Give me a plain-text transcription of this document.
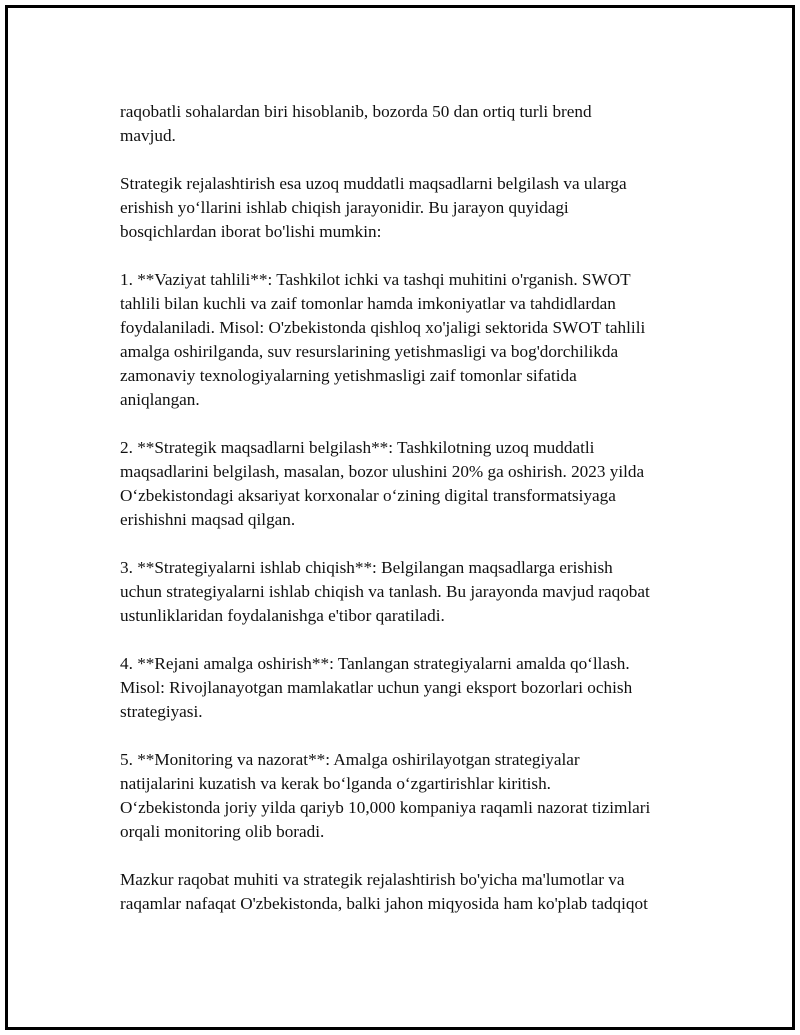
raqobatli sohalardan biri hisoblanib, bozorda 50 dan ortiq turli brend
mavjud.

Strategik rejalashtirish esa uzoq muddatli maqsadlarni belgilash va ularga
erishish yo‘llarini ishlab chiqish jarayonidir. Bu jarayon quyidagi
bosqichlardan iborat bo'lishi mumkin:

1. **Vaziyat tahlili**: Tashkilot ichki va tashqi muhitini o'rganish. SWOT
tahlili bilan kuchli va zaif tomonlar hamda imkoniyatlar va tahdidlardan
foydalaniladi. Misol: O'zbekistonda qishloq xo'jaligi sektorida SWOT tahlili
amalga oshirilganda, suv resurslarining yetishmasligi va bog'dorchilikda
zamonaviy texnologiyalarning yetishmasligi zaif tomonlar sifatida
aniqlangan.

2. **Strategik maqsadlarni belgilash**: Tashkilotning uzoq muddatli
maqsadlarini belgilash, masalan, bozor ulushini 20% ga oshirish. 2023 yilda
O‘zbekistondagi aksariyat korxonalar o‘zining digital transformatsiyaga
erishishni maqsad qilgan.

3. **Strategiyalarni ishlab chiqish**: Belgilangan maqsadlarga erishish
uchun strategiyalarni ishlab chiqish va tanlash. Bu jarayonda mavjud raqobat
ustunliklaridan foydalanishga e'tibor qaratiladi.

4. **Rejani amalga oshirish**: Tanlangan strategiyalarni amalda qo‘llash.
Misol: Rivojlanayotgan mamlakatlar uchun yangi eksport bozorlari ochish
strategiyasi.

5. **Monitoring va nazorat**: Amalga oshirilayotgan strategiyalar
natijalarini kuzatish va kerak bo‘lganda o‘zgartirishlar kiritish.
O‘zbekistonda joriy yilda qariyb 10,000 kompaniya raqamli nazorat tizimlari
orqali monitoring olib boradi.

Mazkur raqobat muhiti va strategik rejalashtirish bo'yicha ma'lumotlar va
raqamlar nafaqat O'zbekistonda, balki jahon miqyosida ham ko'plab tadqiqot
